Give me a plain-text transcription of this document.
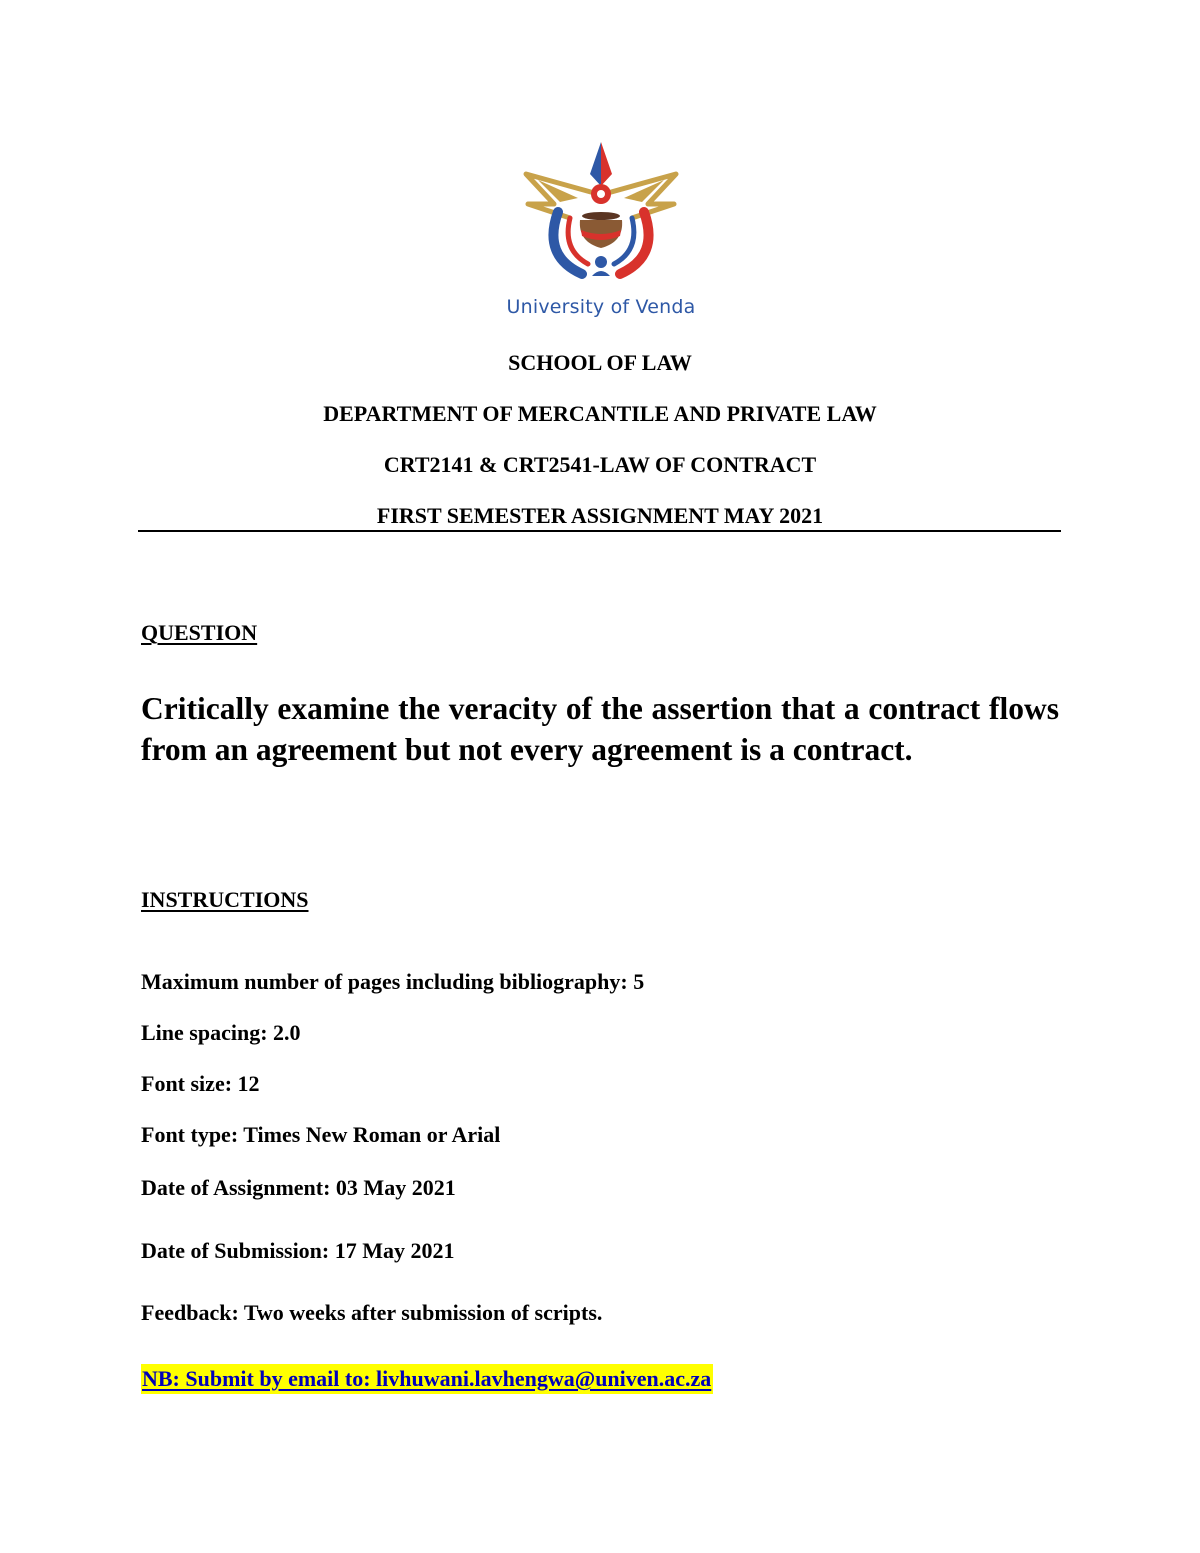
University of Venda
SCHOOL OF LAW
DEPARTMENT OF MERCANTILE AND PRIVATE LAW
CRT2141 & CRT2541-LAW OF CONTRACT
FIRST SEMESTER ASSIGNMENT MAY 2021
QUESTION
Critically examine the veracity of the assertion that a contract flows from an agreement but not every agreement is a contract.
INSTRUCTIONS
Maximum number of pages including bibliography: 5
Line spacing: 2.0
Font size: 12
Font type: Times New Roman or Arial
Date of Assignment: 03 May 2021
Date of Submission: 17 May 2021
Feedback: Two weeks after submission of scripts.
NB: Submit by email to: livhuwani.lavhengwa@univen.ac.za
